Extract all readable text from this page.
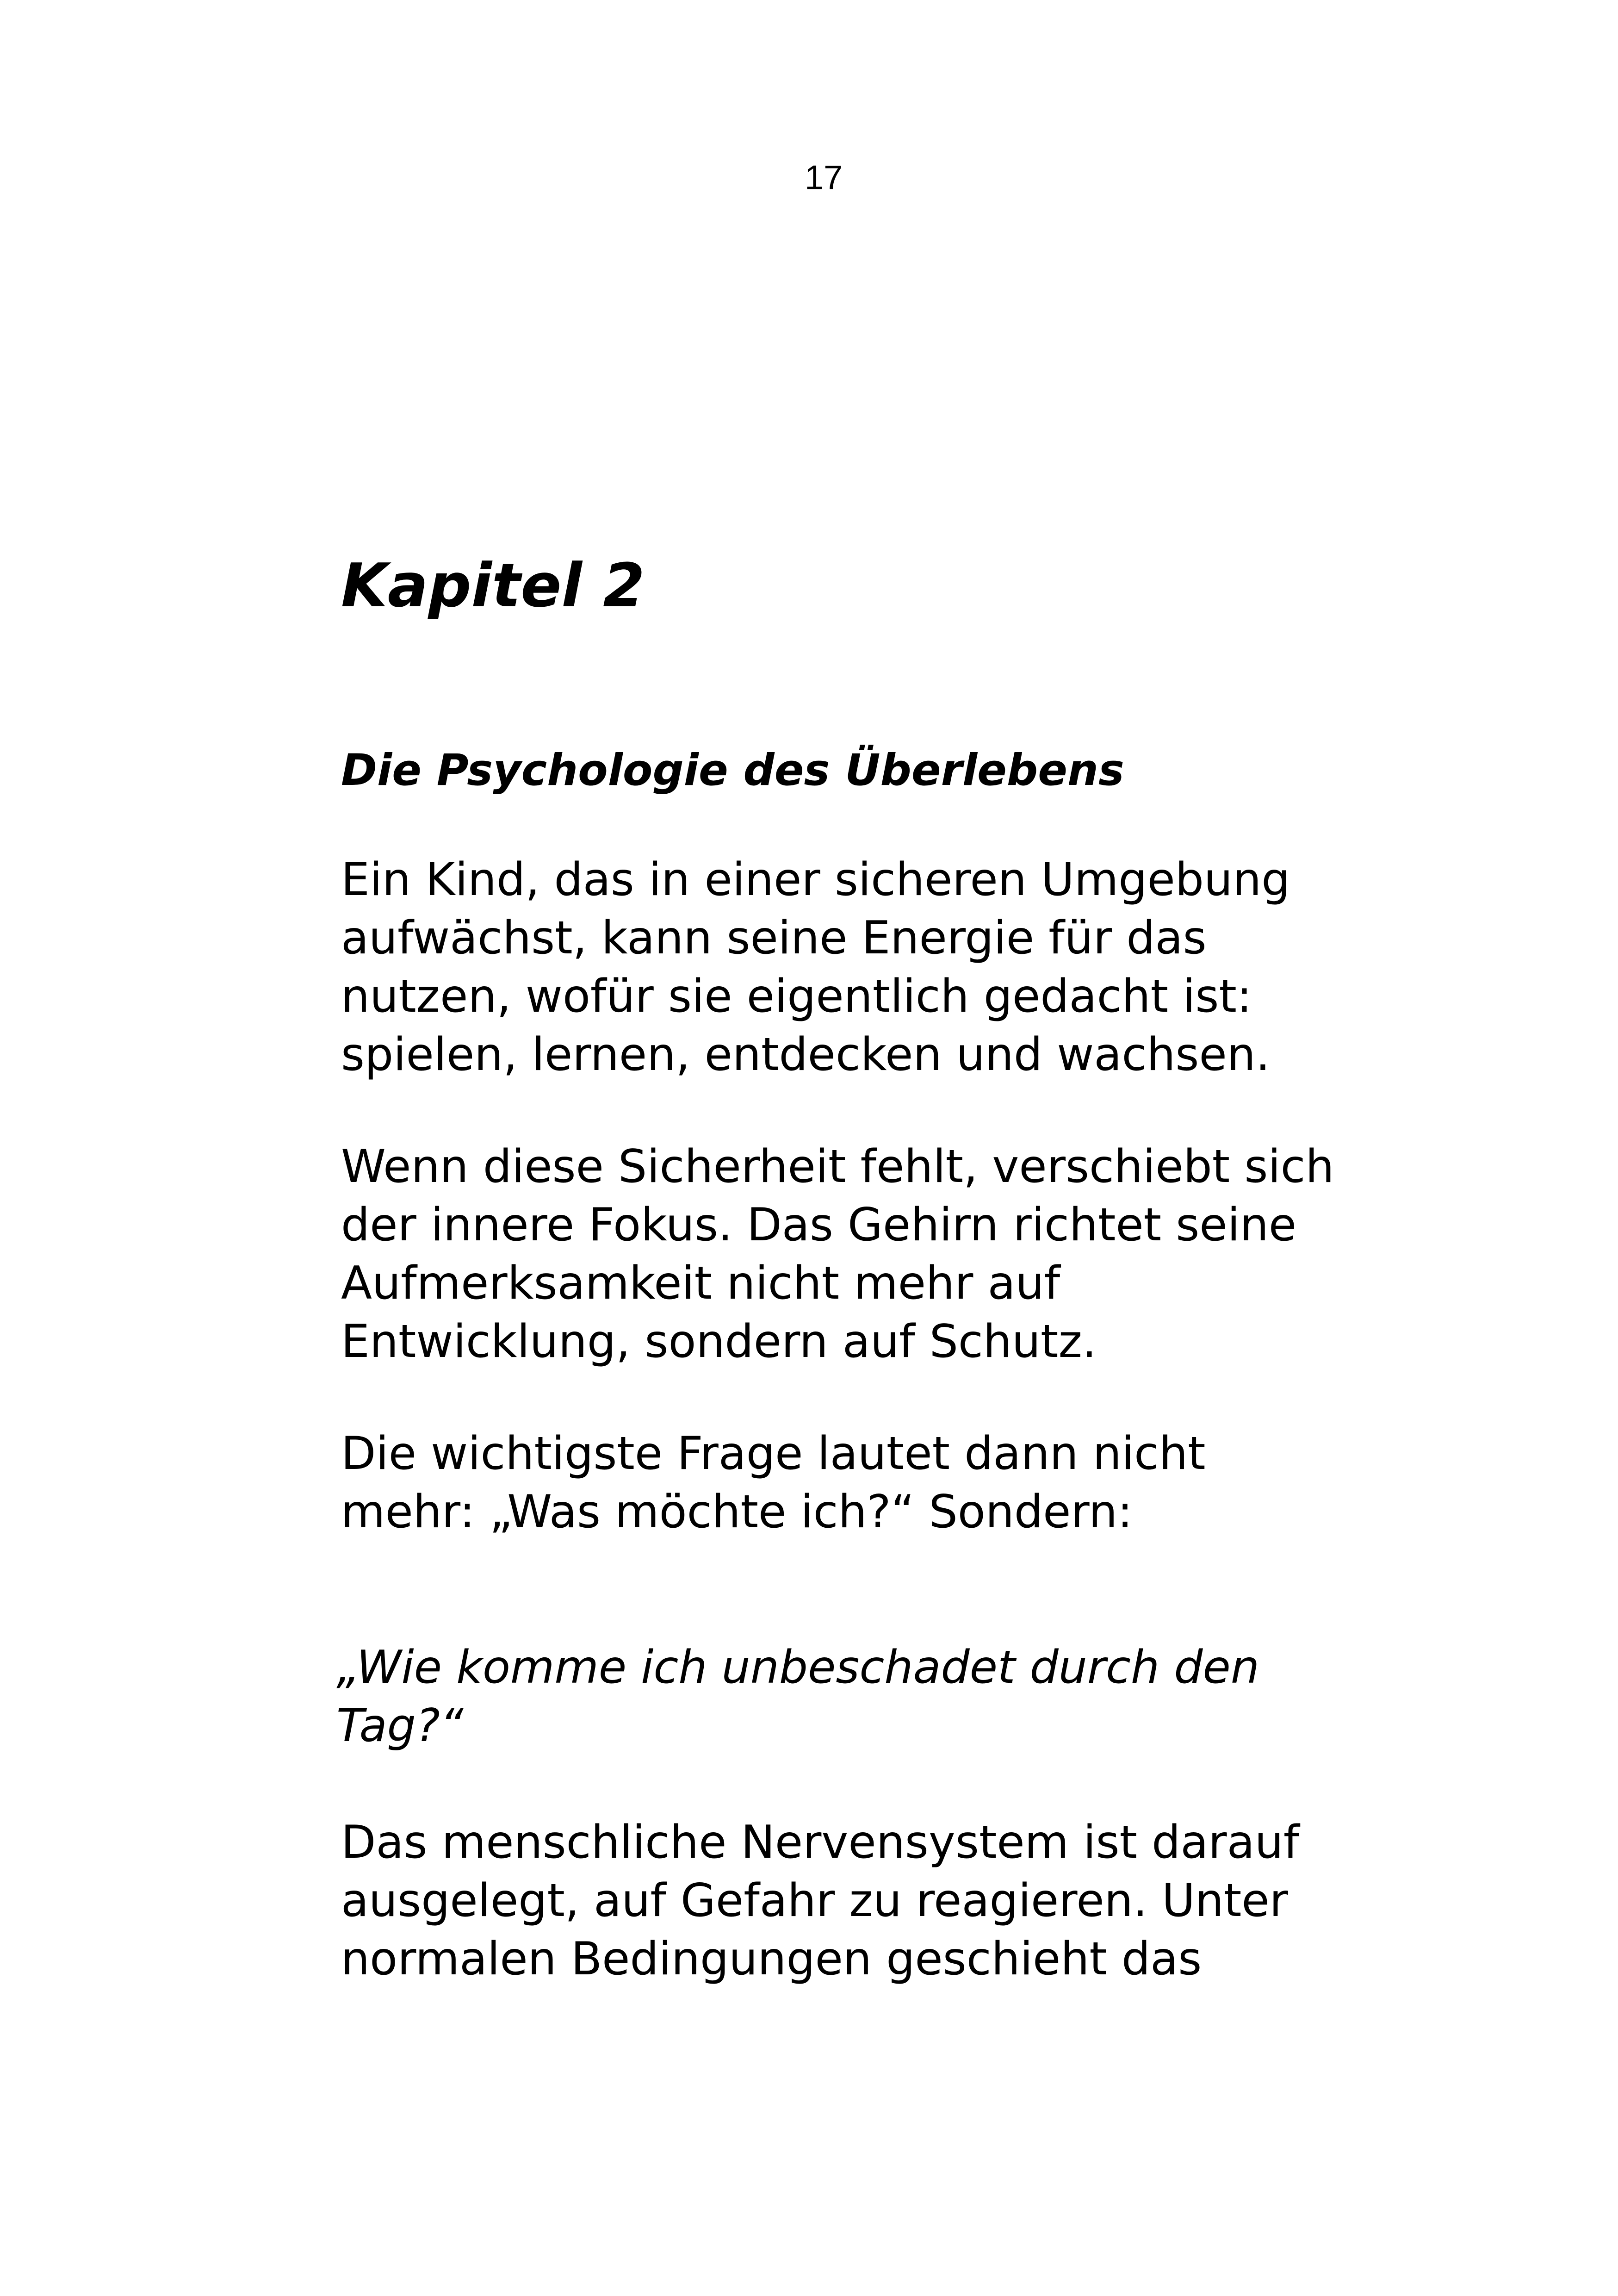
17
Kapitel 2
Die Psychologie des Überlebens

Ein Kind, das in einer sicheren Umgebung
aufwächst, kann seine Energie für das
nutzen, wofür sie eigentlich gedacht ist:
spielen, lernen, entdecken und wachsen.

Wenn diese Sicherheit fehlt, verschiebt sich
der innere Fokus. Das Gehirn richtet seine
Aufmerksamkeit nicht mehr auf
Entwicklung, sondern auf Schutz.

Die wichtigste Frage lautet dann nicht
mehr: „Was möchte ich?“ Sondern:

„Wie komme ich unbeschadet durch den
Tag?“

Das menschliche Nervensystem ist darauf
ausgelegt, auf Gefahr zu reagieren. Unter
normalen Bedingungen geschieht das
